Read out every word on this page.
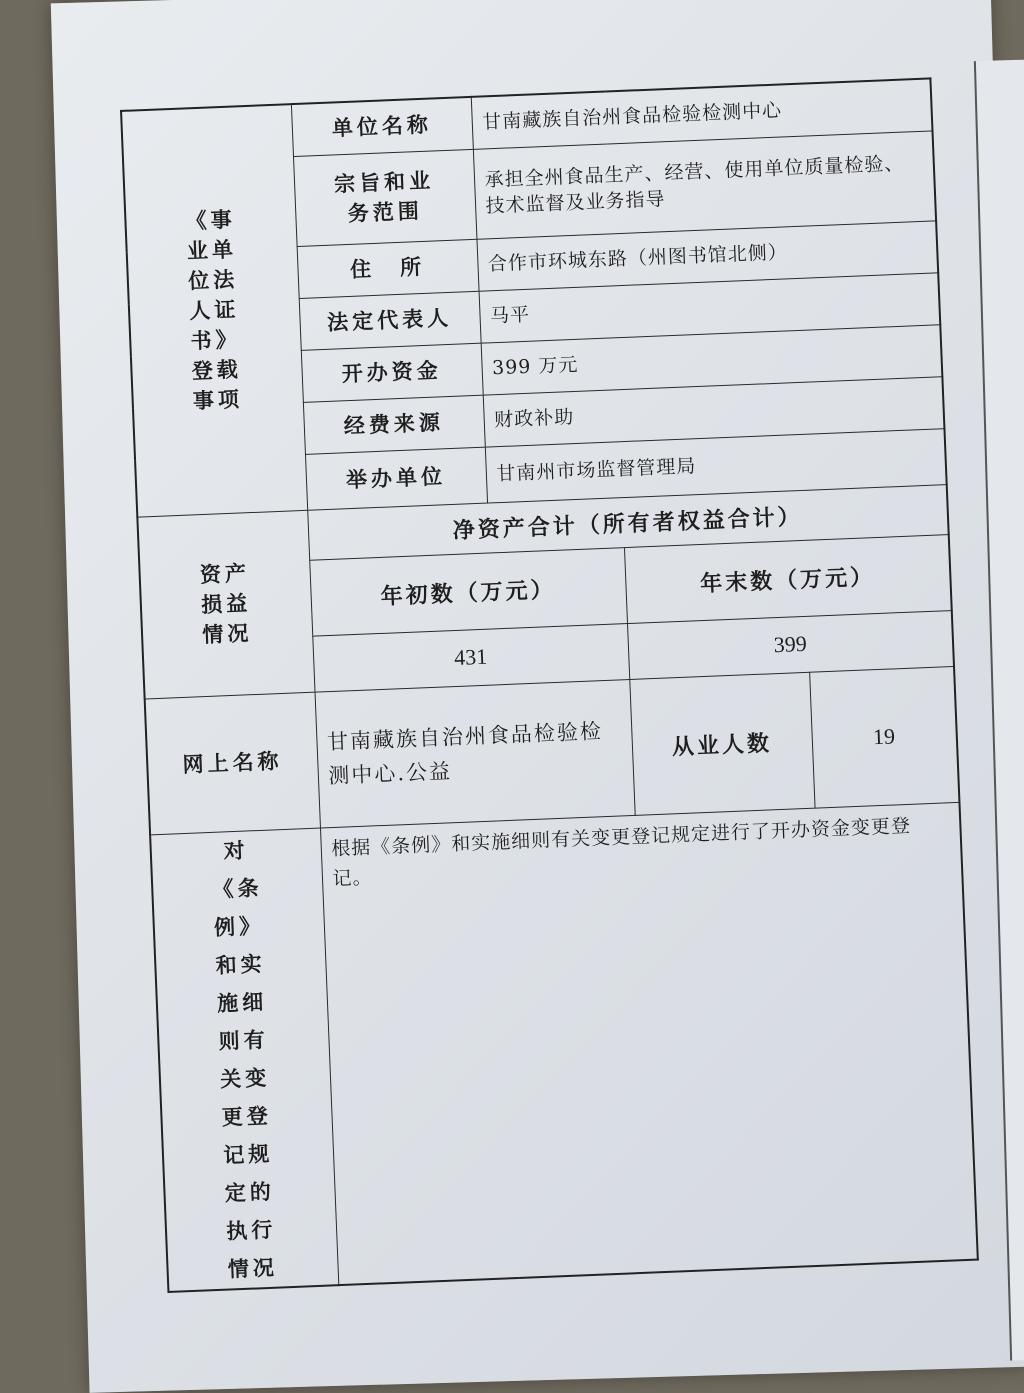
《事业单位法人证书》登载事项	单位名称	甘南藏族自治州食品检验检测中心		
	宗旨和业务范围	承担全州食品生产、经营、使用单位质量检验、技术监督及业务指导		
	住　所	合作市环城东路（州图书馆北侧）		
	法定代表人	马平		
	开办资金	399 万元		
	经费来源	财政补助		
	举办单位	甘南州市场监督管理局		
资产损益情况	净资产合计（所有者权益合计）			
	年初数（万元）		年末数（万元）	
	431		399	
网上名称	甘南藏族自治州食品检验检测中心.公益		从业人数	19
对《条例》和实施细则有关变更登记规定的执行情况	根据《条例》和实施细则有关变更登记规定进行了开办资金变更登记。			
